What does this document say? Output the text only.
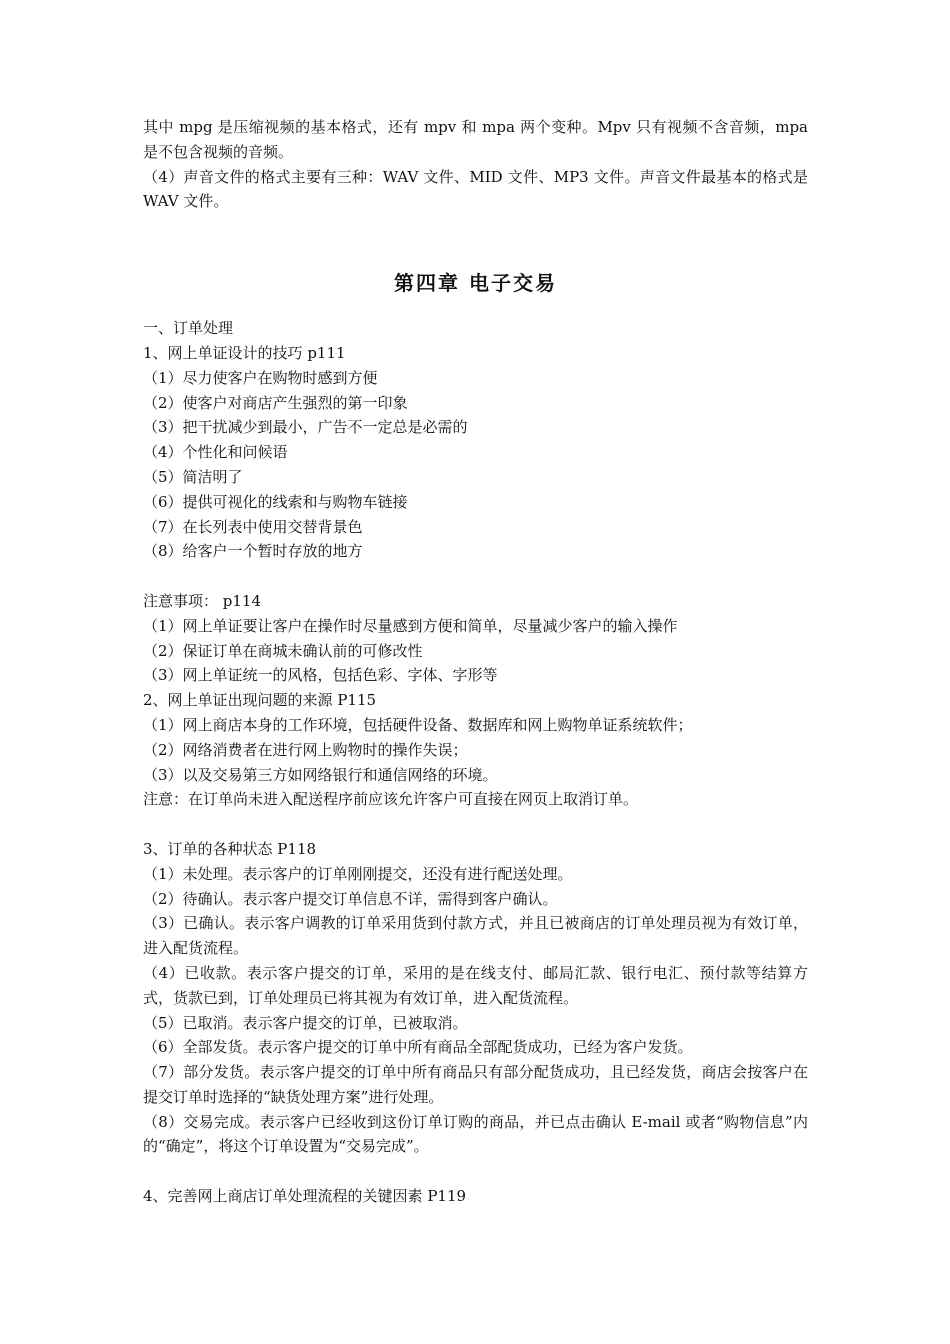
其中 mpg 是压缩视频的基本格式，还有 mpv 和 mpa 两个变种。Mpv 只有视频不含音频，mpa 是不包含视频的音频。

（4）声音文件的格式主要有三种：WAV 文件、MID 文件、MP3 文件。声音文件最基本的格式是 WAV 文件。

第四章 电子交易

一、订单处理

1、网上单证设计的技巧 p111

（1）尽力使客户在购物时感到方便

（2）使客户对商店产生强烈的第一印象

（3）把干扰减少到最小，广告不一定总是必需的

（4）个性化和问候语

（5）简洁明了

（6）提供可视化的线索和与购物车链接

（7）在长列表中使用交替背景色

（8）给客户一个暂时存放的地方

注意事项： p114

（1）网上单证要让客户在操作时尽量感到方便和简单，尽量减少客户的输入操作

（2）保证订单在商城未确认前的可修改性

（3）网上单证统一的风格，包括色彩、字体、字形等

2、网上单证出现问题的来源 P115

（1）网上商店本身的工作环境，包括硬件设备、数据库和网上购物单证系统软件；

（2）网络消费者在进行网上购物时的操作失误；

（3）以及交易第三方如网络银行和通信网络的环境。

注意：在订单尚未进入配送程序前应该允许客户可直接在网页上取消订单。

3、订单的各种状态 P118

（1）未处理。表示客户的订单刚刚提交，还没有进行配送处理。

（2）待确认。表示客户提交订单信息不详，需得到客户确认。

（3）已确认。表示客户调教的订单采用货到付款方式，并且已被商店的订单处理员视为有效订单，进入配货流程。

（4）已收款。表示客户提交的订单，采用的是在线支付、邮局汇款、银行电汇、预付款等结算方式，货款已到，订单处理员已将其视为有效订单，进入配货流程。

（5）已取消。表示客户提交的订单，已被取消。

（6）全部发货。表示客户提交的订单中所有商品全部配货成功，已经为客户发货。

（7）部分发货。表示客户提交的订单中所有商品只有部分配货成功，且已经发货，商店会按客户在提交订单时选择的“缺货处理方案”进行处理。

（8）交易完成。表示客户已经收到这份订单订购的商品，并已点击确认 E-mail 或者“购物信息”内的“确定”，将这个订单设置为“交易完成”。

4、完善网上商店订单处理流程的关键因素 P119
